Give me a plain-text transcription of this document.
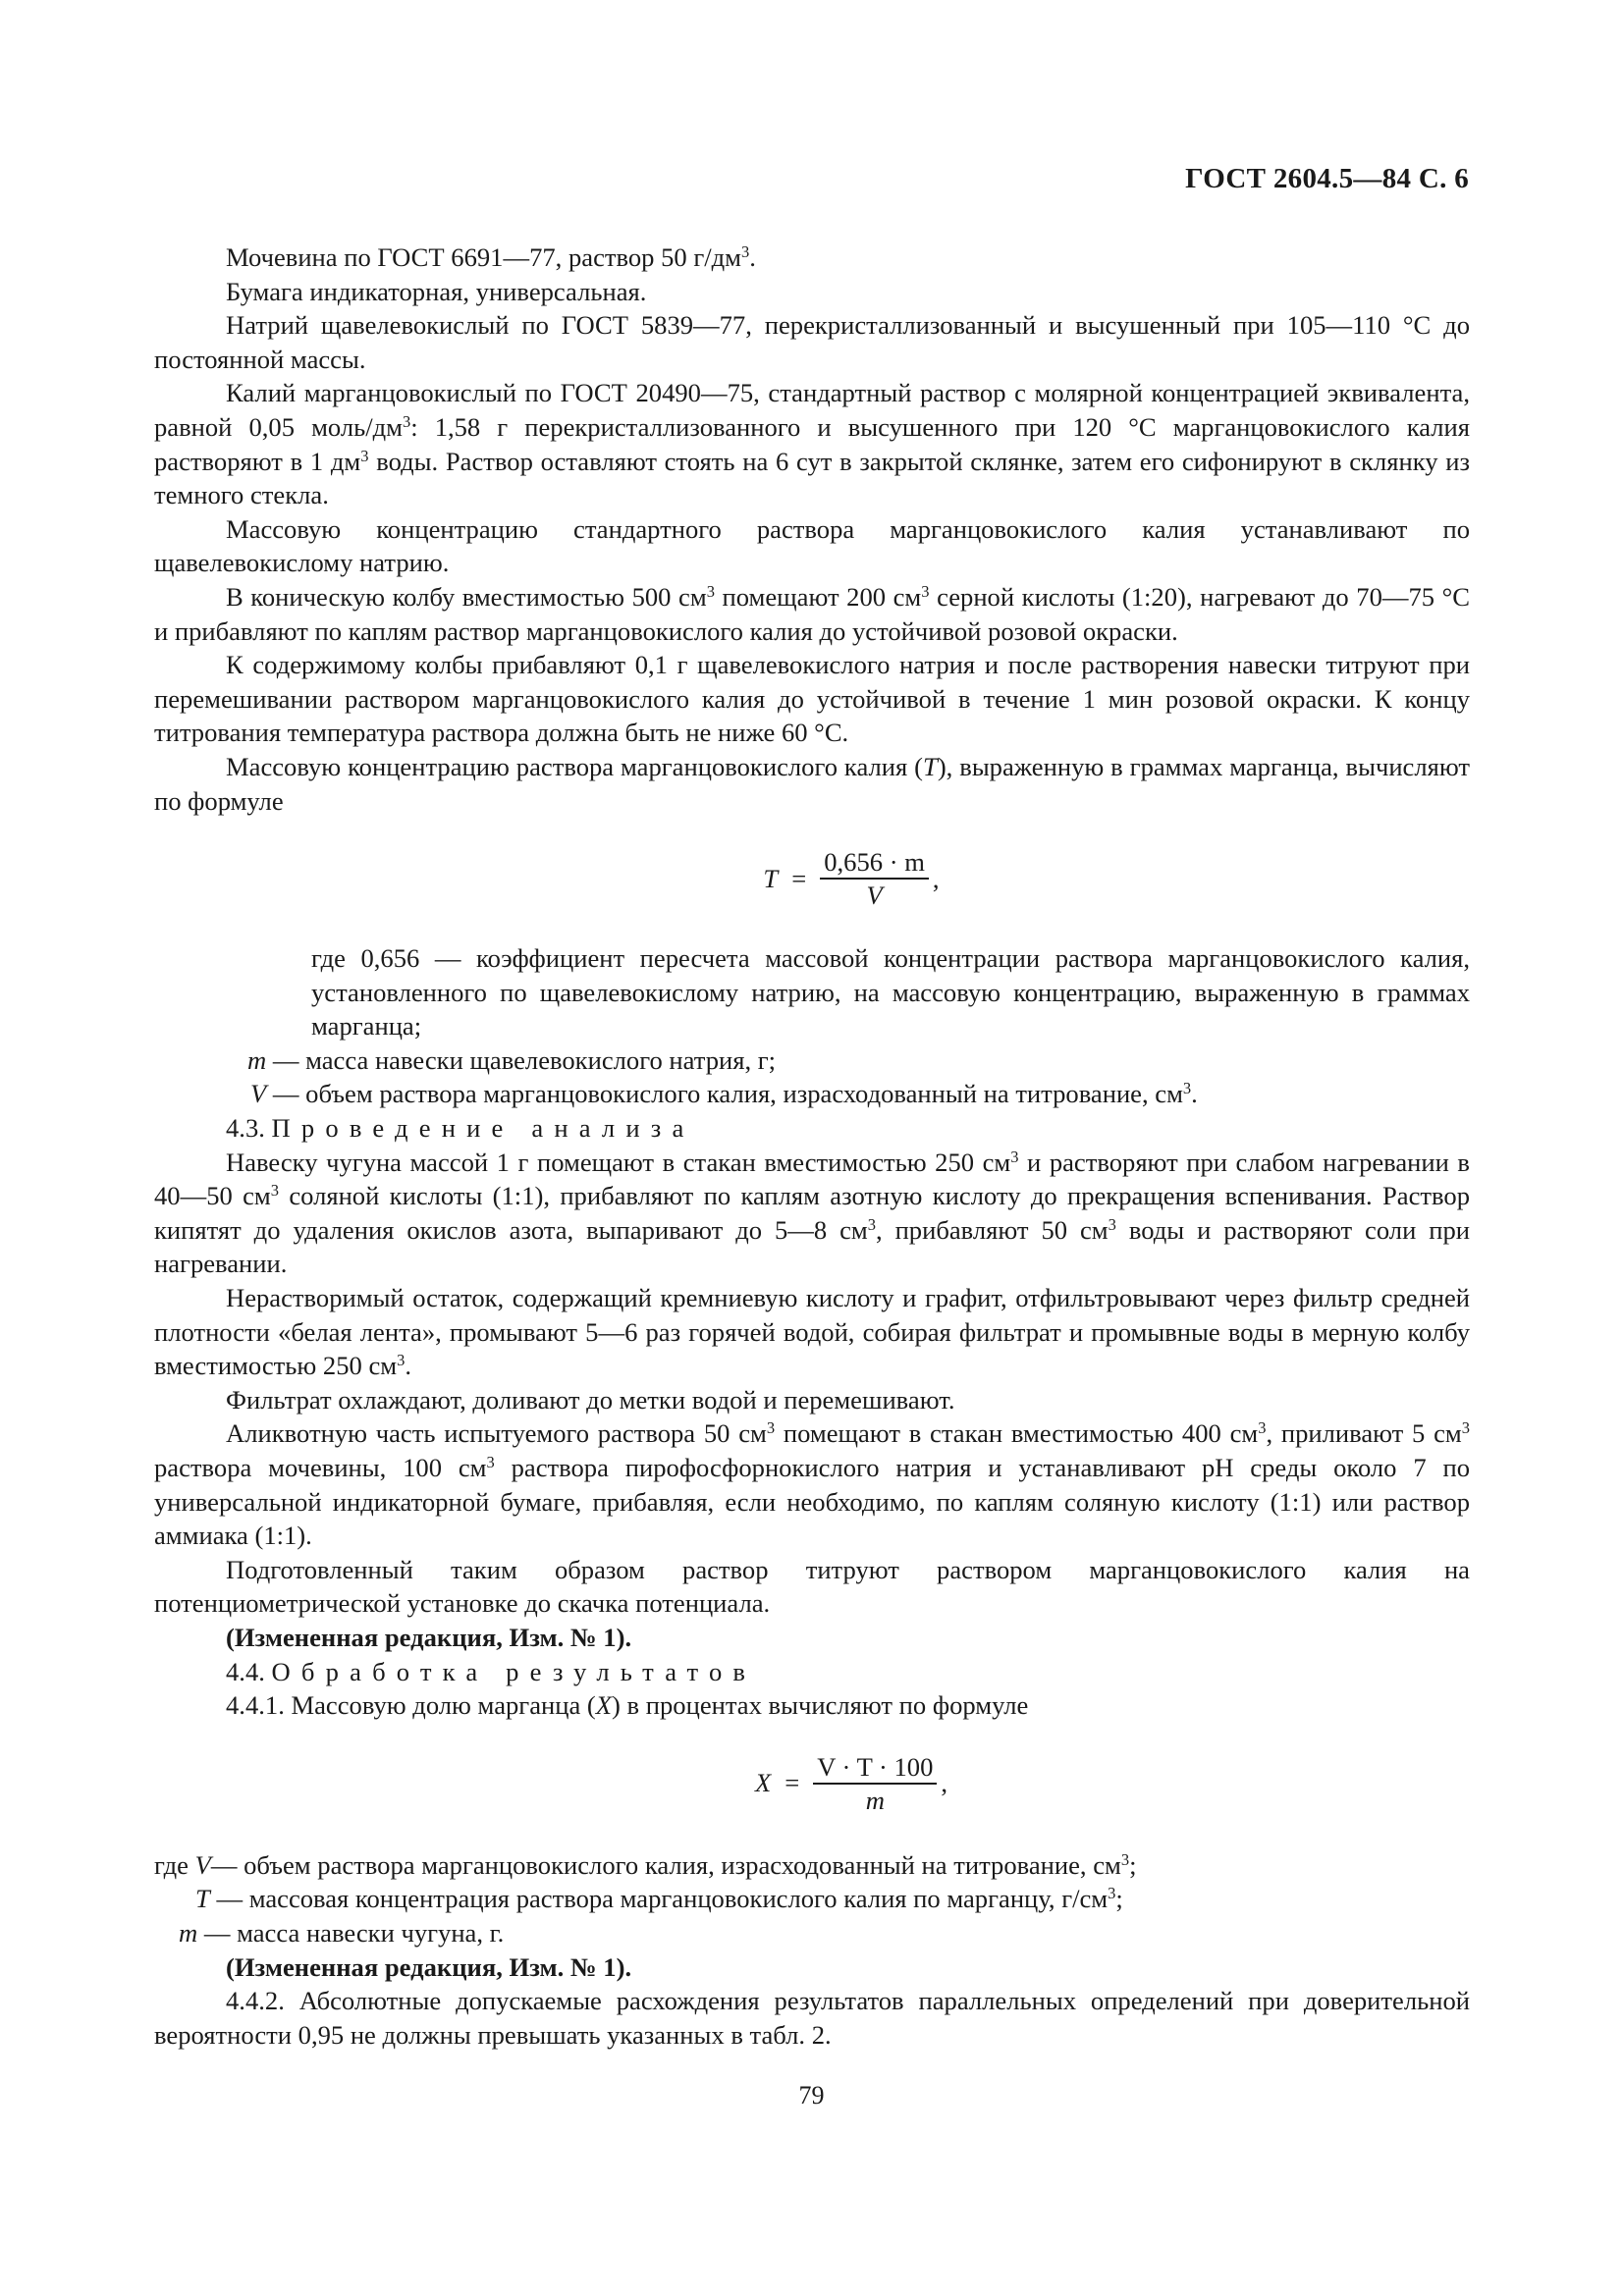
ГОСТ 2604.5—84 С. 6

Мочевина по ГОСТ 6691—77, раствор 50 $г/дм^3$.

Бумага индикаторная, универсальная.

Натрий щавелевокислый по ГОСТ 5839—77, перекристаллизованный и высушенный при 105—110 °С до постоянной массы.

Калий марганцовокислый по ГОСТ 20490—75, стандартный раствор с молярной концентрацией эквивалента, равной 0,05 моль/$дм^3$: 1,58 г перекристаллизованного и высушенного при 120 °С марганцовокислого калия растворяют в 1 $дм^3$ воды. Раствор оставляют стоять на 6 сут в закрытой склянке, затем его сифонируют в склянку из темного стекла.

Массовую концентрацию стандартного раствора марганцовокислого калия устанавливают по щавелевокислому натрию.

В коническую колбу вместимостью 500 $см^3$ помещают 200 $см^3$ серной кислоты (1:20), нагревают до 70—75 °С и прибавляют по каплям раствор марганцовокислого калия до устойчивой розовой окраски.

К содержимому колбы прибавляют 0,1 г щавелевокислого натрия и после растворения навески титруют при перемешивании раствором марганцовокислого калия до устойчивой в течение 1 мин розовой окраски. К концу титрования температура раствора должна быть не ниже 60 °С.

Массовую концентрацию раствора марганцовокислого калия (T), выраженную в граммах марганца, вычисляют по формуле

$T = \frac{0,656 \cdot m}{V}$ ,

где 0,656 — коэффициент пересчета массовой концентрации раствора марганцовокислого калия, установленного по щавелевокислому натрию, на массовую концентрацию, выраженную в граммах марганца;

m — масса навески щавелевокислого натрия, г;

V — объем раствора марганцовокислого калия, израсходованный на титрование, $см^3$.

4.3. Проведение анализа

Навеску чугуна массой 1 г помещают в стакан вместимостью 250 $см^3$ и растворяют при слабом нагревании в 40—50 $см^3$ соляной кислоты (1:1), прибавляют по каплям азотную кислоту до прекращения вспенивания. Раствор кипятят до удаления окислов азота, выпаривают до 5—8 $см^3$, прибавляют 50 $см^3$ воды и растворяют соли при нагревании.

Нерастворимый остаток, содержащий кремниевую кислоту и графит, отфильтровывают через фильтр средней плотности «белая лента», промывают 5—6 раз горячей водой, собирая фильтрат и промывные воды в мерную колбу вместимостью 250 $см^3$.

Фильтрат охлаждают, доливают до метки водой и перемешивают.

Аликвотную часть испытуемого раствора 50 $см^3$ помещают в стакан вместимостью 400 $см^3$, приливают 5 $см^3$ раствора мочевины, 100 $см^3$ раствора пирофосфорнокислого натрия и устанавливают рН среды около 7 по универсальной индикаторной бумаге, прибавляя, если необходимо, по каплям соляную кислоту (1:1) или раствор аммиака (1:1).

Подготовленный таким образом раствор титруют раствором марганцовокислого калия на потенциометрической установке до скачка потенциала.

(Измененная редакция, Изм. № 1).

4.4. Обработка результатов

4.4.1. Массовую долю марганца (X) в процентах вычисляют по формуле

$X = \frac{V \cdot T \cdot 100}{m}$ ,

где V— объем раствора марганцовокислого калия, израсходованный на титрование, $см^3$;

T — массовая концентрация раствора марганцовокислого калия по марганцу, $г/см^3$;

m — масса навески чугуна, г.

(Измененная редакция, Изм. № 1).

4.4.2. Абсолютные допускаемые расхождения результатов параллельных определений при доверительной вероятности 0,95 не должны превышать указанных в табл. 2.

79
